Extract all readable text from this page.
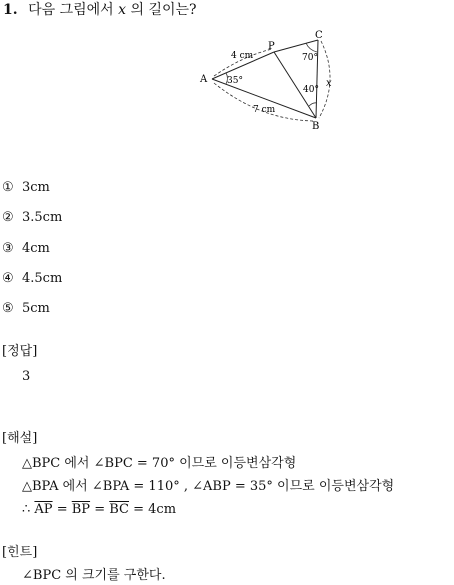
1. 다음 그림에서 x 의 길이는?
A
B
C
P
4 cm
7 cm
35°
70°
40°
x
① 3cm
② 3.5cm
③ 4cm
④ 4.5cm
⑤ 5cm
[정답]
3
[해설]
△BPC 에서 ∠BPC = 70° 이므로 이등변삼각형
△BPA 에서 ∠BPA = 110° , ∠ABP = 35° 이므로 이등변삼각형
∴ $\overline{AP} = \overline{BP} = \overline{BC} = 4cm$
[힌트]
∠BPC 의 크기를 구한다.
